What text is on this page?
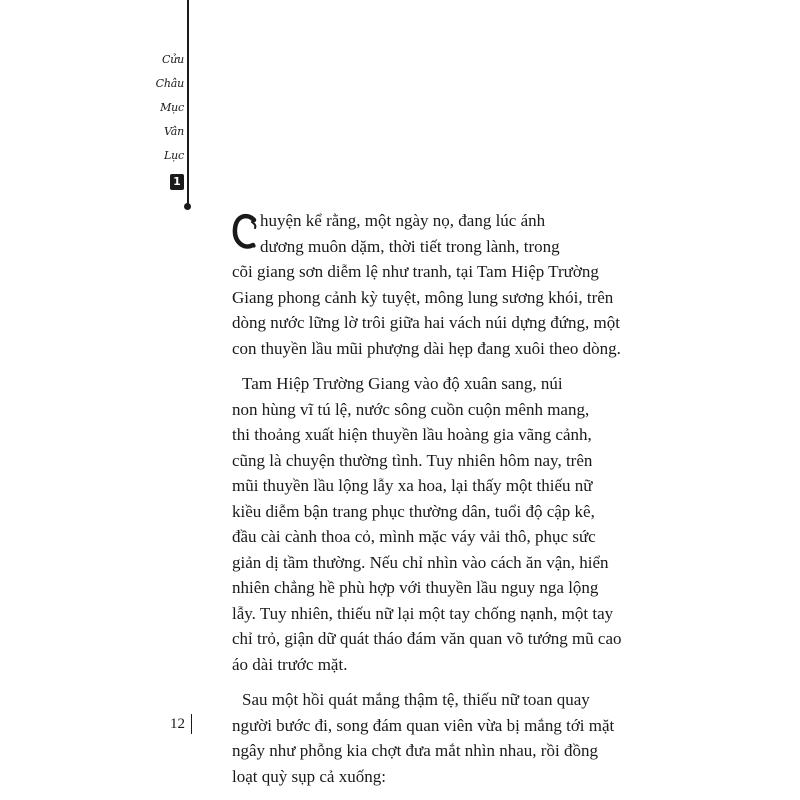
Cửu
Châu
Mục
Vân
Lục
1

huyện kể rằng, một ngày nọ, đang lúc ánh
dương muôn dặm, thời tiết trong lành, trong
cõi giang sơn diễm lệ như tranh, tại Tam Hiệp Trường
Giang phong cảnh kỳ tuyệt, mông lung sương khói, trên
dòng nước lững lờ trôi giữa hai vách núi dựng đứng, một
con thuyền lầu mũi phượng dài hẹp đang xuôi theo dòng.

Tam Hiệp Trường Giang vào độ xuân sang, núi
non hùng vĩ tú lệ, nước sông cuồn cuộn mênh mang,
thi thoảng xuất hiện thuyền lầu hoàng gia vãng cảnh,
cũng là chuyện thường tình. Tuy nhiên hôm nay, trên
mũi thuyền lầu lộng lẫy xa hoa, lại thấy một thiếu nữ
kiều diễm bận trang phục thường dân, tuổi độ cập kê,
đầu cài cành thoa cỏ, mình mặc váy vải thô, phục sức
giản dị tầm thường. Nếu chỉ nhìn vào cách ăn vận, hiển
nhiên chẳng hề phù hợp với thuyền lầu nguy nga lộng
lẫy. Tuy nhiên, thiếu nữ lại một tay chống nạnh, một tay
chỉ trỏ, giận dữ quát tháo đám văn quan võ tướng mũ cao
áo dài trước mặt.

Sau một hồi quát mắng thậm tệ, thiếu nữ toan quay
người bước đi, song đám quan viên vừa bị mắng tới mặt
ngây như phỗng kia chợt đưa mắt nhìn nhau, rồi đồng
loạt quỳ sụp cả xuống:

12
